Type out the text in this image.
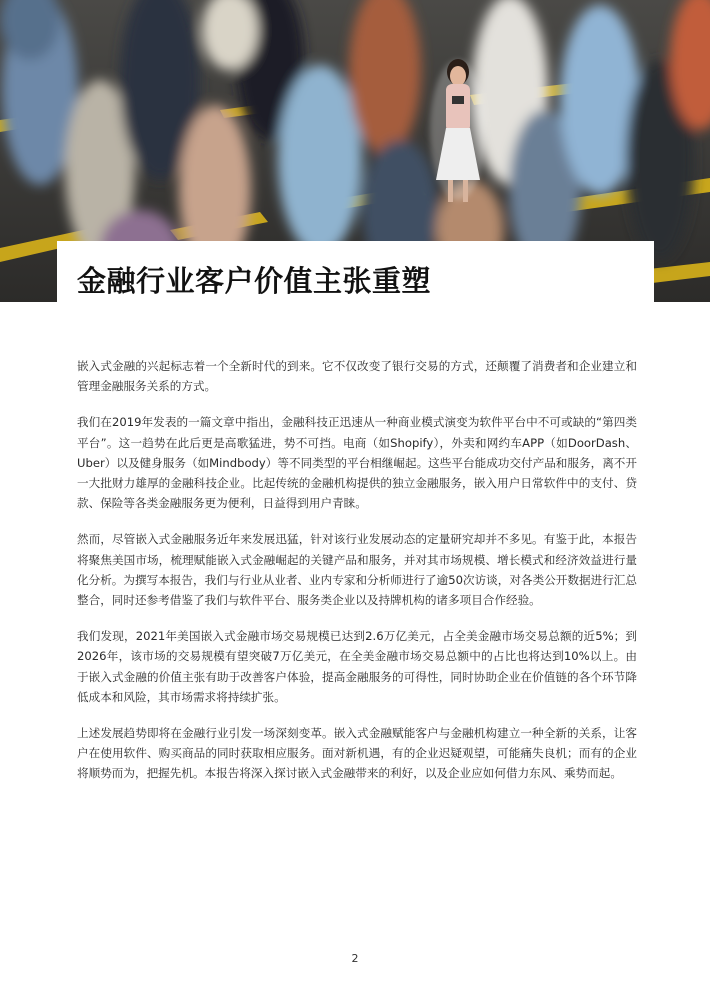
金融行业客户价值主张重塑

嵌入式金融的兴起标志着一个全新时代的到来。它不仅改变了银行交易的方式，还颠覆了消费者和企业建立和管理金融服务关系的方式。

我们在2019年发表的一篇文章中指出，金融科技正迅速从一种商业模式演变为软件平台中不可或缺的“第四类平台”。这一趋势在此后更是高歌猛进，势不可挡。电商（如Shopify），外卖和网约车APP（如DoorDash、Uber）以及健身服务（如Mindbody）等不同类型的平台相继崛起。这些平台能成功交付产品和服务，离不开一大批财力雄厚的金融科技企业。比起传统的金融机构提供的独立金融服务，嵌入用户日常软件中的支付、贷款、保险等各类金融服务更为便利，日益得到用户青睐。

然而，尽管嵌入式金融服务近年来发展迅猛，针对该行业发展动态的定量研究却并不多见。有鉴于此，本报告将聚焦美国市场，梳理赋能嵌入式金融崛起的关键产品和服务，并对其市场规模、增长模式和经济效益进行量化分析。为撰写本报告，我们与行业从业者、业内专家和分析师进行了逾50次访谈，对各类公开数据进行汇总整合，同时还参考借鉴了我们与软件平台、服务类企业以及持牌机构的诸多项目合作经验。

我们发现，2021年美国嵌入式金融市场交易规模已达到2.6万亿美元，占全美金融市场交易总额的近5%；到2026年，该市场的交易规模有望突破7万亿美元，在全美金融市场交易总额中的占比也将达到10%以上。由于嵌入式金融的价值主张有助于改善客户体验，提高金融服务的可得性，同时协助企业在价值链的各个环节降低成本和风险，其市场需求将持续扩张。

上述发展趋势即将在金融行业引发一场深刻变革。嵌入式金融赋能客户与金融机构建立一种全新的关系，让客户在使用软件、购买商品的同时获取相应服务。面对新机遇，有的企业迟疑观望，可能痛失良机；而有的企业将顺势而为，把握先机。本报告将深入探讨嵌入式金融带来的利好，以及企业应如何借力东风、乘势而起。

2
